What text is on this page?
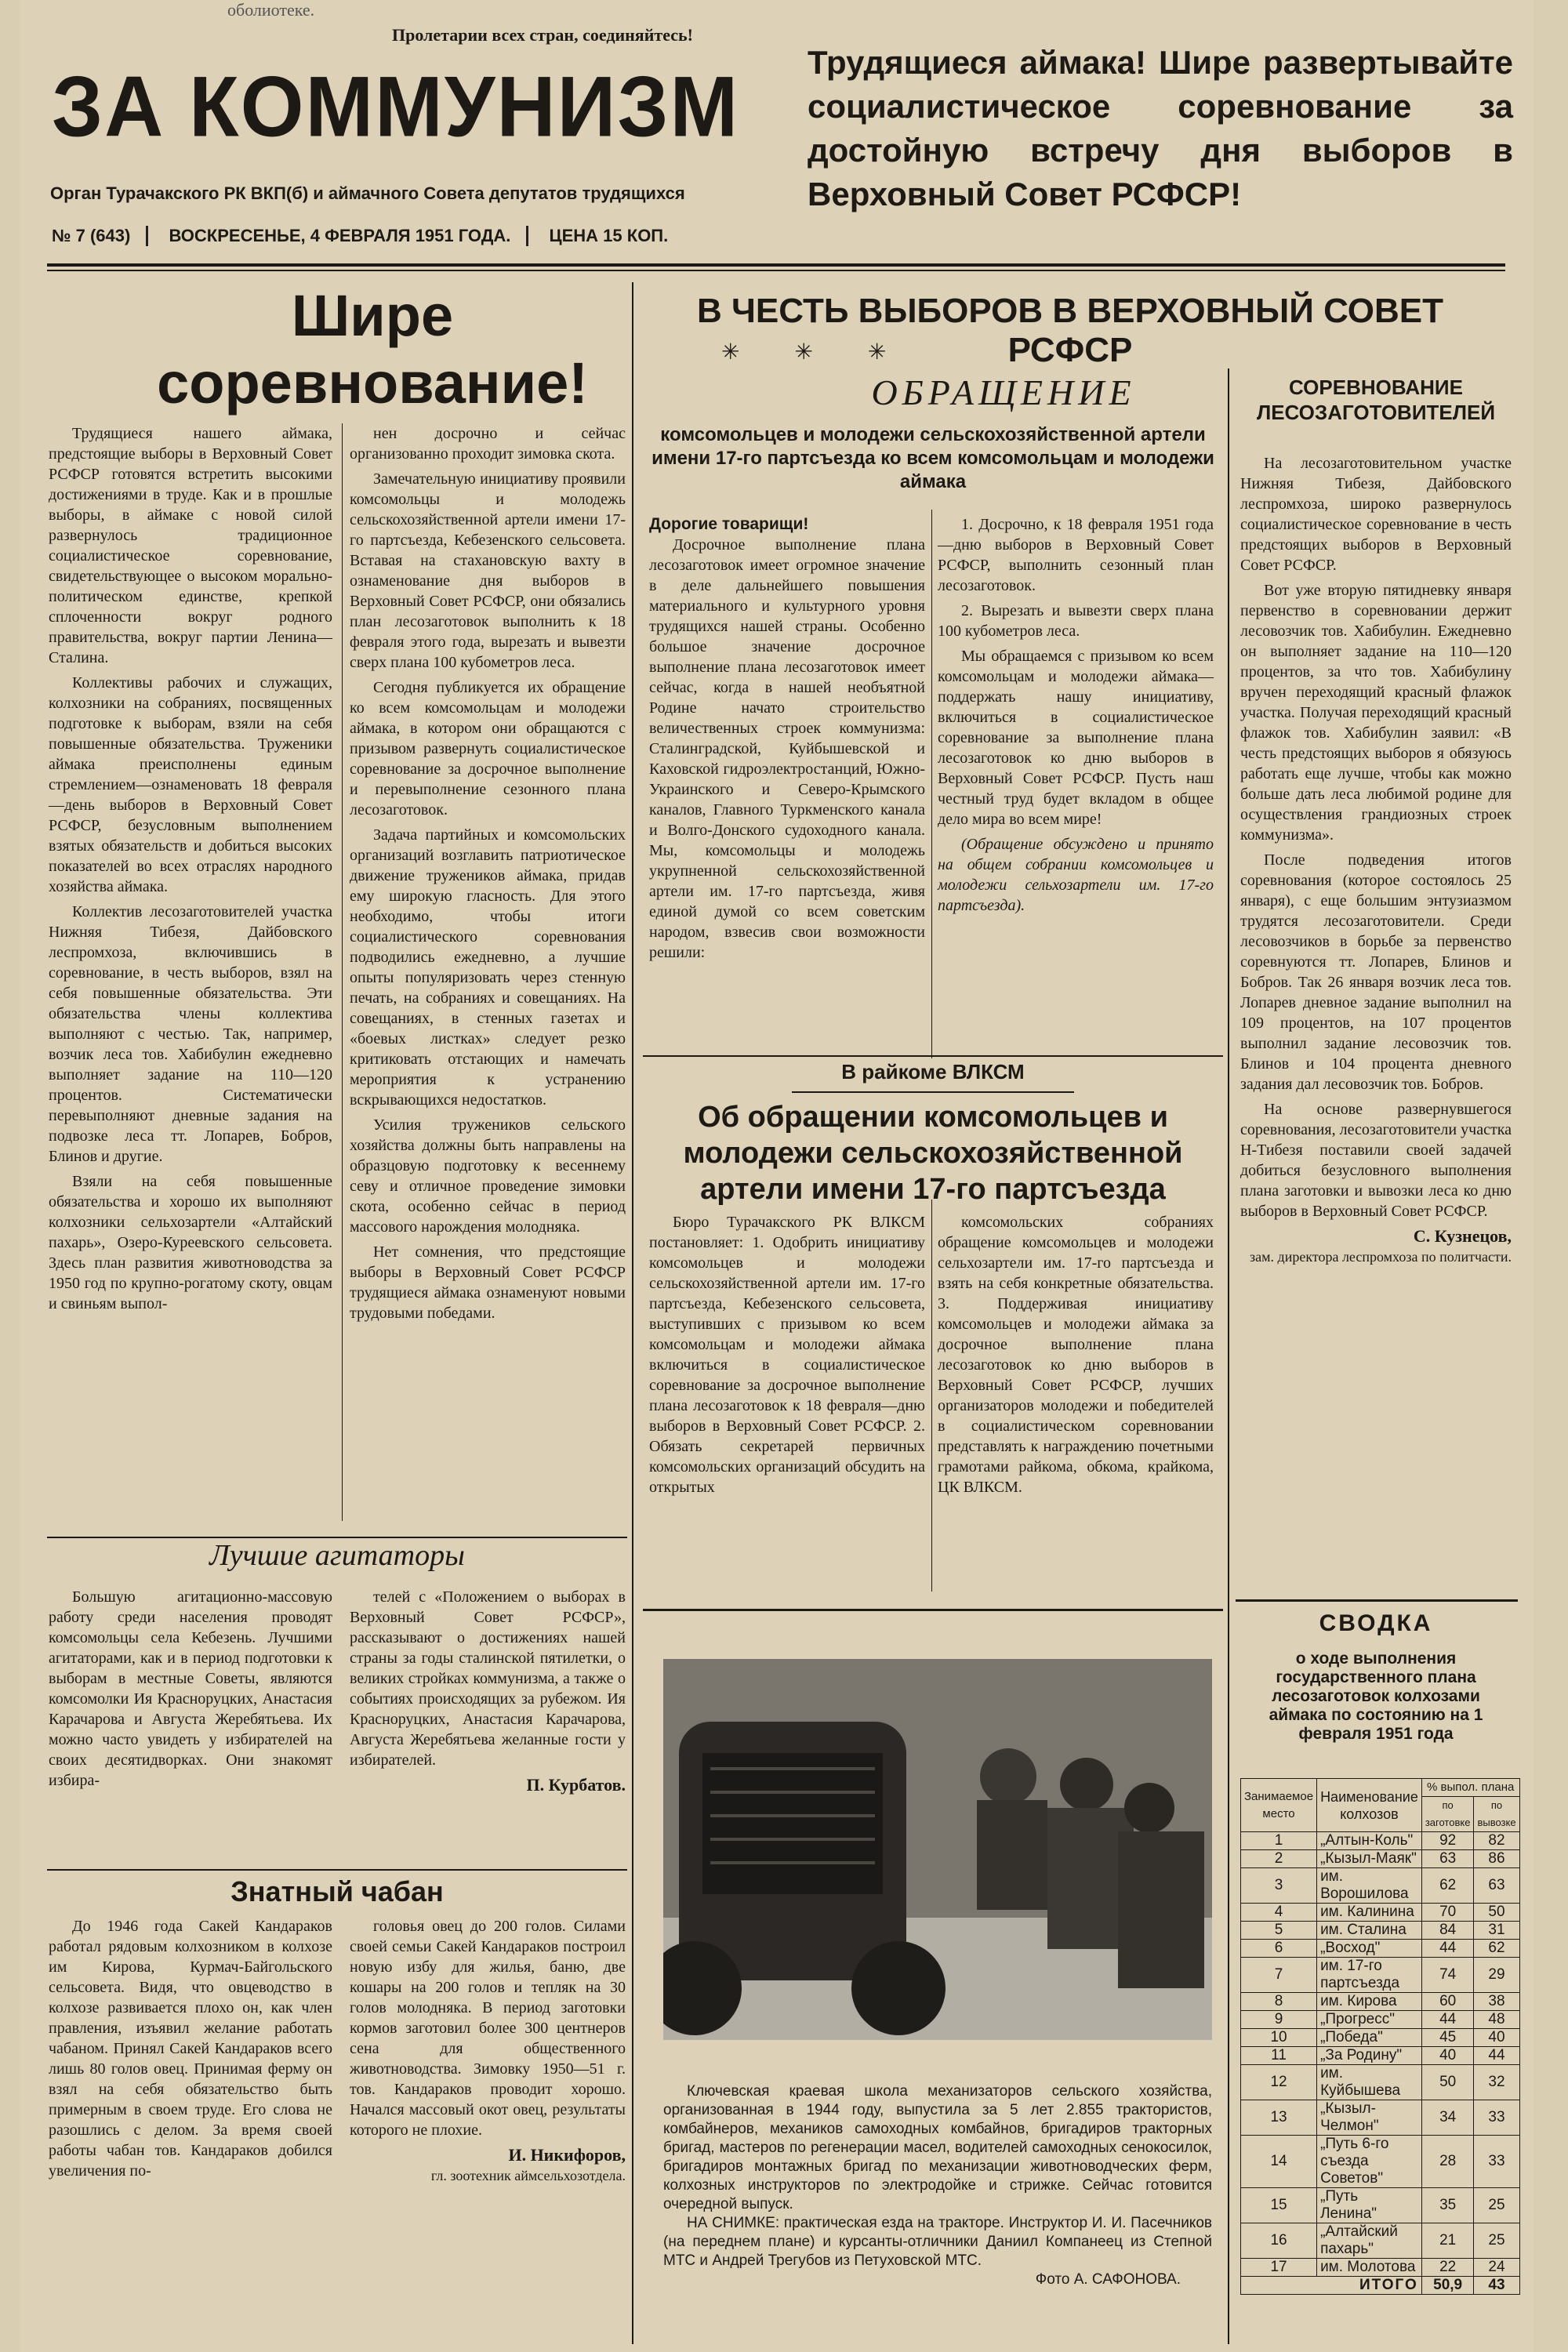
оболиотеке.
Пролетарии всех стран, соединяйтесь!
ЗА КОММУНИЗМ
Орган Турачакского РК ВКП(б) и аймачного Совета депутатов трудящихся
№ 7 (643) ВОСКРЕСЕНЬЕ, 4 ФЕВРАЛЯ 1951 ГОДА. ЦЕНА 15 КОП.
Трудящиеся аймака! Шире развертывайте социалистическое соревнование за достойную встречу дня выборов в Верховный Совет РСФСР!
Шире
соревнование!

Трудящиеся нашего аймака, предстоящие выборы в Верховный Совет РСФСР готовятся встретить высокими достижениями в труде. Как и в прошлые выборы, в аймаке с новой силой развернулось традиционное социалистическое соревнование, свидетельствующее о высоком морально-политическом единстве, крепкой сплоченности вокруг родного правительства, вокруг партии Ленина—Сталина.

Коллективы рабочих и служащих, колхозники на собраниях, посвященных подготовке к выборам, взяли на себя повышенные обязательства. Труженики аймака преисполнены единым стремлением—ознаменовать 18 февраля—день выборов в Верховный Совет РСФСР, безусловным выполнением взятых обязательств и добиться высоких показателей во всех отраслях народного хозяйства аймака.

Коллектив лесозаготовителей участка Нижняя Тибезя, Дайбовского леспромхоза, включившись в соревнование, в честь выборов, взял на себя повышенные обязательства. Эти обязательства члены коллектива выполняют с честью. Так, например, возчик леса тов. Хабибулин ежедневно выполняет задание на 110—120 процентов. Систематически перевыполняют дневные задания на подвозке леса тт. Лопарев, Бобров, Блинов и другие.

Взяли на себя повышенные обязательства и хорошо их выполняют колхозники сельхозартели «Алтайский пахарь», Озеро-Куреевского сельсовета. Здесь план развития животноводства за 1950 год по крупно-рогатому скоту, овцам и свиньям выпол-

нен досрочно и сейчас организованно проходит зимовка скота.

Замечательную инициативу проявили комсомольцы и молодежь сельскохозяйственной артели имени 17-го партсъезда, Кебезенского сельсовета. Вставая на стахановскую вахту в ознаменование дня выборов в Верховный Совет РСФСР, они обязались план лесозаготовок выполнить к 18 февраля этого года, вырезать и вывезти сверх плана 100 кубометров леса.

Сегодня публикуется их обращение ко всем комсомольцам и молодежи аймака, в котором они обращаются с призывом развернуть социалистическое соревнование за досрочное выполнение и перевыполнение сезонного плана лесозаготовок.

Задача партийных и комсомольских организаций возглавить патриотическое движение тружеников аймака, придав ему широкую гласность. Для этого необходимо, чтобы итоги социалистического соревнования подводились ежедневно, а лучшие опыты популяризовать через стенную печать, на собраниях и совещаниях. На совещаниях, в стенных газетах и «боевых листках» следует резко критиковать отстающих и намечать мероприятия к устранению вскрывающихся недостатков.

Усилия тружеников сельского хозяйства должны быть направлены на образцовую подготовку к весеннему севу и отличное проведение зимовки скота, особенно сейчас в период массового нарождения молодняка.

Нет сомнения, что предстоящие выборы в Верховный Совет РСФСР трудящиеся аймака ознаменуют новыми трудовыми победами.

Лучшие агитаторы

Большую агитационно-массовую работу среди населения проводят комсомольцы села Кебезень. Лучшими агитаторами, как и в период подготовки к выборам в местные Советы, являются комсомолки Ия Красноруцких, Анастасия Карачарова и Августа Жеребятьева. Их можно часто увидеть у избирателей на своих десятидворках. Они знакомят избира-

телей с «Положением о выборах в Верховный Совет РСФСР», рассказывают о достижениях нашей страны за годы сталинской пятилетки, о великих стройках коммунизма, а также о событиях происходящих за рубежом. Ия Красноруцких, Анастасия Карачарова, Августа Жеребятьева желанные гости у избирателей.

П. Курбатов.
Знатный чабан

До 1946 года Сакей Кандараков работал рядовым колхозником в колхозе им Кирова, Курмач-Байгольского сельсовета. Видя, что овцеводство в колхозе развивается плохо он, как член правления, изъявил желание работать чабаном. Принял Сакей Кандараков всего лишь 80 голов овец. Принимая ферму он взял на себя обязательство быть примерным в своем труде. Его слова не разошлись с делом. За время своей работы чабан тов. Кандараков добился увеличения по-

головья овец до 200 голов. Силами своей семьи Сакей Кандараков построил новую избу для жилья, баню, две кошары на 200 голов и тепляк на 30 голов молодняка. В период заготовки кормов заготовил более 300 центнеров сена для общественного животноводства. Зимовку 1950—51 г. тов. Кандараков проводит хорошо. Начался массовый окот овец, результаты которого не плохие.

И. Никифоров,
гл. зоотехник аймсельхозотдела.
В ЧЕСТЬ ВЫБОРОВ В ВЕРХОВНЫЙ СОВЕТ РСФСР
✳          ✳          ✳
ОБРАЩЕНИЕ
комсомольцев и молодежи сельскохозяйственной артели имени 17-го партсъезда ко всем комсомольцам и молодежи аймака
Дорогие товарищи!

Досрочное выполнение плана лесозаготовок имеет огромное значение в деле дальнейшего повышения материального и культурного уровня трудящихся нашей страны. Особенно большое значение досрочное выполнение плана лесозаготовок имеет сейчас, когда в нашей необъятной Родине начато строительство величественных строек коммунизма: Сталинградской, Куйбышевской и Каховской гидроэлектростанций, Южно-Украинского и Северо-Крымского каналов, Главного Туркменского канала и Волго-Донского судоходного канала. Мы, комсомольцы и молодежь укрупненной сельскохозяйственной артели им. 17-го партсъезда, живя единой думой со всем советским народом, взвесив свои возможности решили:

1. Досрочно, к 18 февраля 1951 года—дню выборов в Верховный Совет РСФСР, выполнить сезонный план лесозаготовок.

2. Вырезать и вывезти сверх плана 100 кубометров леса.

Мы обращаемся с призывом ко всем комсомольцам и молодежи аймака—поддержать нашу инициативу, включиться в социалистическое соревнование за выполнение плана лесозаготовок ко дню выборов в Верховный Совет РСФСР. Пусть наш честный труд будет вкладом в общее дело мира во всем мире!

(Обращение обсуждено и принято на общем собрании комсомольцев и молодежи сельхозартели им. 17-го партсъезда).

В райкоме ВЛКСМ
Об обращении комсомольцев и молодежи сельскохозяйственной артели имени 17-го партсъезда

Бюро Турачакского РК ВЛКСМ постановляет: 1. Одобрить инициативу комсомольцев и молодежи сельскохозяйственной артели им. 17-го партсъезда, Кебезенского сельсовета, выступивших с призывом ко всем комсомольцам и молодежи аймака включиться в социалистическое соревнование за досрочное выполнение плана лесозаготовок к 18 февраля—дню выборов в Верховный Совет РСФСР. 2. Обязать секретарей первичных комсомольских организаций обсудить на открытых

комсомольских собраниях обращение комсомольцев и молодежи сельхозартели им. 17-го партсъезда и взять на себя конкретные обязательства. 3. Поддерживая инициативу комсомольцев и молодежи аймака за досрочное выполнение плана лесозаготовок ко дню выборов в Верховный Совет РСФСР, лучших организаторов молодежи и победителей в социалистическом соревновании представлять к награждению почетными грамотами райкома, обкома, крайкома, ЦК ВЛКСМ.

Ключевская краевая школа механизаторов сельского хозяйства, организованная в 1944 году, выпустила за 5 лет 2.855 трактористов, комбайнеров, механиков самоходных комбайнов, бригадиров тракторных бригад, мастеров по регенерации масел, водителей самоходных сенокосилок, бригадиров монтажных бригад по механизации животноводческих ферм, колхозных инструкторов по электродойке и стрижке. Сейчас готовится очередной выпуск.
НА СНИМКЕ: практическая езда на тракторе. Инструктор И. И. Пасечников (на переднем плане) и курсанты-отличники Даниил Компанеец из Степной МТС и Андрей Трегубов из Петуховской МТС.
Фото А. САФОНОВА.
СОРЕВНОВАНИЕ ЛЕСОЗАГОТОВИТЕЛЕЙ

На лесозаготовительном участке Нижняя Тибезя, Дайбовского леспромхоза, широко развернулось социалистическое соревнование в честь предстоящих выборов в Верховный Совет РСФСР.

Вот уже вторую пятидневку января первенство в соревновании держит лесовозчик тов. Хабибулин. Ежедневно он выполняет задание на 110—120 процентов, за что тов. Хабибулину вручен переходящий красный флажок участка. Получая переходящий красный флажок тов. Хабибулин заявил: «В честь предстоящих выборов я обязуюсь работать еще лучше, чтобы как можно больше дать леса любимой родине для осуществления грандиозных строек коммунизма».

После подведения итогов соревнования (которое состоялось 25 января), с еще большим энтузиазмом трудятся лесозаготовители. Среди лесовозчиков в борьбе за первенство соревнуются тт. Лопарев, Блинов и Бобров. Так 26 января возчик леса тов. Лопарев дневное задание выполнил на 109 процентов, на 107 процентов выполнил задание лесовозчик тов. Блинов и 104 процента дневного задания дал лесовозчик тов. Бобров.

На основе развернувшегося соревнования, лесозаготовители участка Н-Тибезя поставили своей задачей добиться безусловного выполнения плана заготовки и вывозки леса ко дню выборов в Верховный Совет РСФСР.

С. Кузнецов,
зам. директора леспромхоза по политчасти.
СВОДКА
о ходе выполнения государственного плана лесозаготовок колхозами аймака по состоянию на 1 февраля 1951 года
Занимаемое место	Наименование колхозов	% выпол. плана	
		по заготовке	по вывозке
1	„Алтын-Коль"	92	82
2	„Кызыл-Маяк"	63	86
3	им. Ворошилова	62	63
4	им. Калинина	70	50
5	им. Сталина	84	31
6	„Восход"	44	62
7	им. 17-го партсъезда	74	29
8	им. Кирова	60	38
9	„Прогресс"	44	48
10	„Победа"	45	40
11	„За Родину"	40	44
12	им. Куйбышева	50	32
13	„Кызыл-Челмон"	34	33
14	„Путь 6-го съезда Советов"	28	33
15	„Путь Ленина"	35	25
16	„Алтайский пахарь"	21	25
17	им. Молотова	22	24
ИТОГО		50,9	43
